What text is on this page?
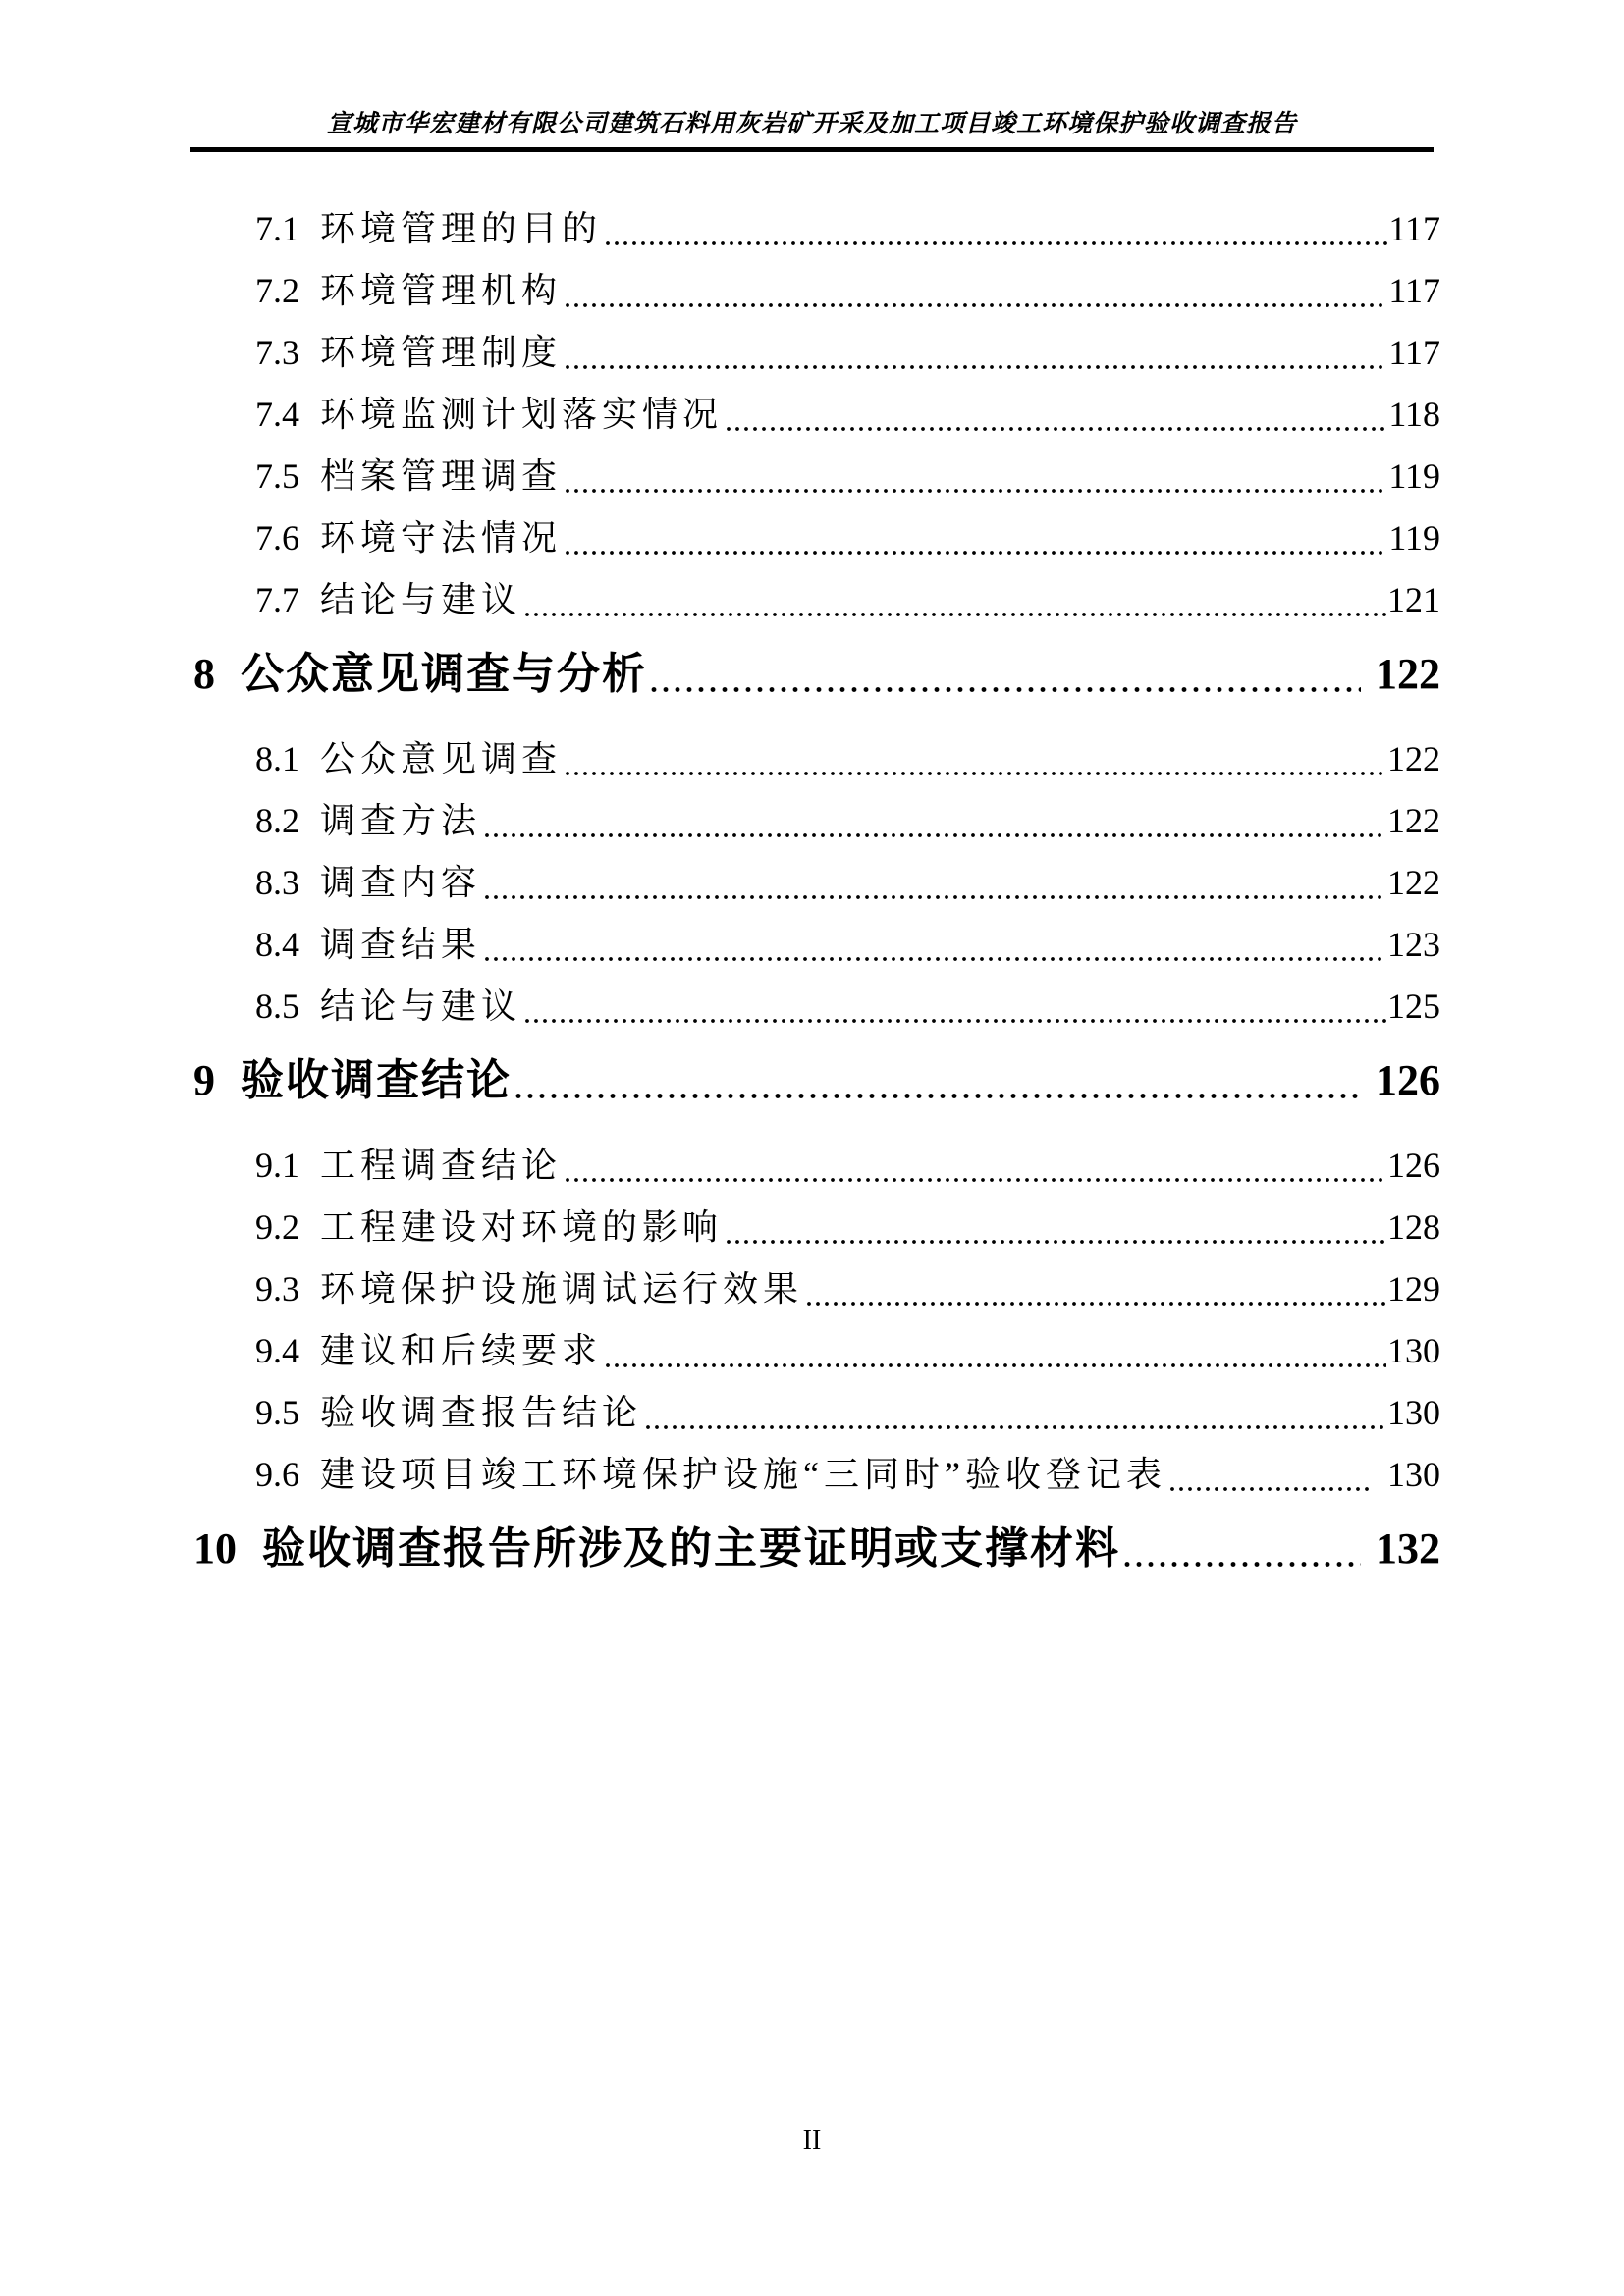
宣城市华宏建材有限公司建筑石料用灰岩矿开采及加工项目竣工环境保护验收调查报告
7.1 环境管理的目的	117
7.2 环境管理机构	117
7.3 环境管理制度	117
7.4 环境监测计划落实情况	118
7.5 档案管理调查	119
7.6 环境守法情况	119
7.7 结论与建议	121
8 公众意见调查与分析	122
8.1 公众意见调查	122
8.2 调查方法	122
8.3 调查内容	122
8.4 调查结果	123
8.5 结论与建议	125
9 验收调查结论	126
9.1 工程调查结论	126
9.2 工程建设对环境的影响	128
9.3 环境保护设施调试运行效果	129
9.4 建议和后续要求	130
9.5 验收调查报告结论	130
9.6 建设项目竣工环境保护设施“三同时”验收登记表	130
10 验收调查报告所涉及的主要证明或支撑材料	132
II
